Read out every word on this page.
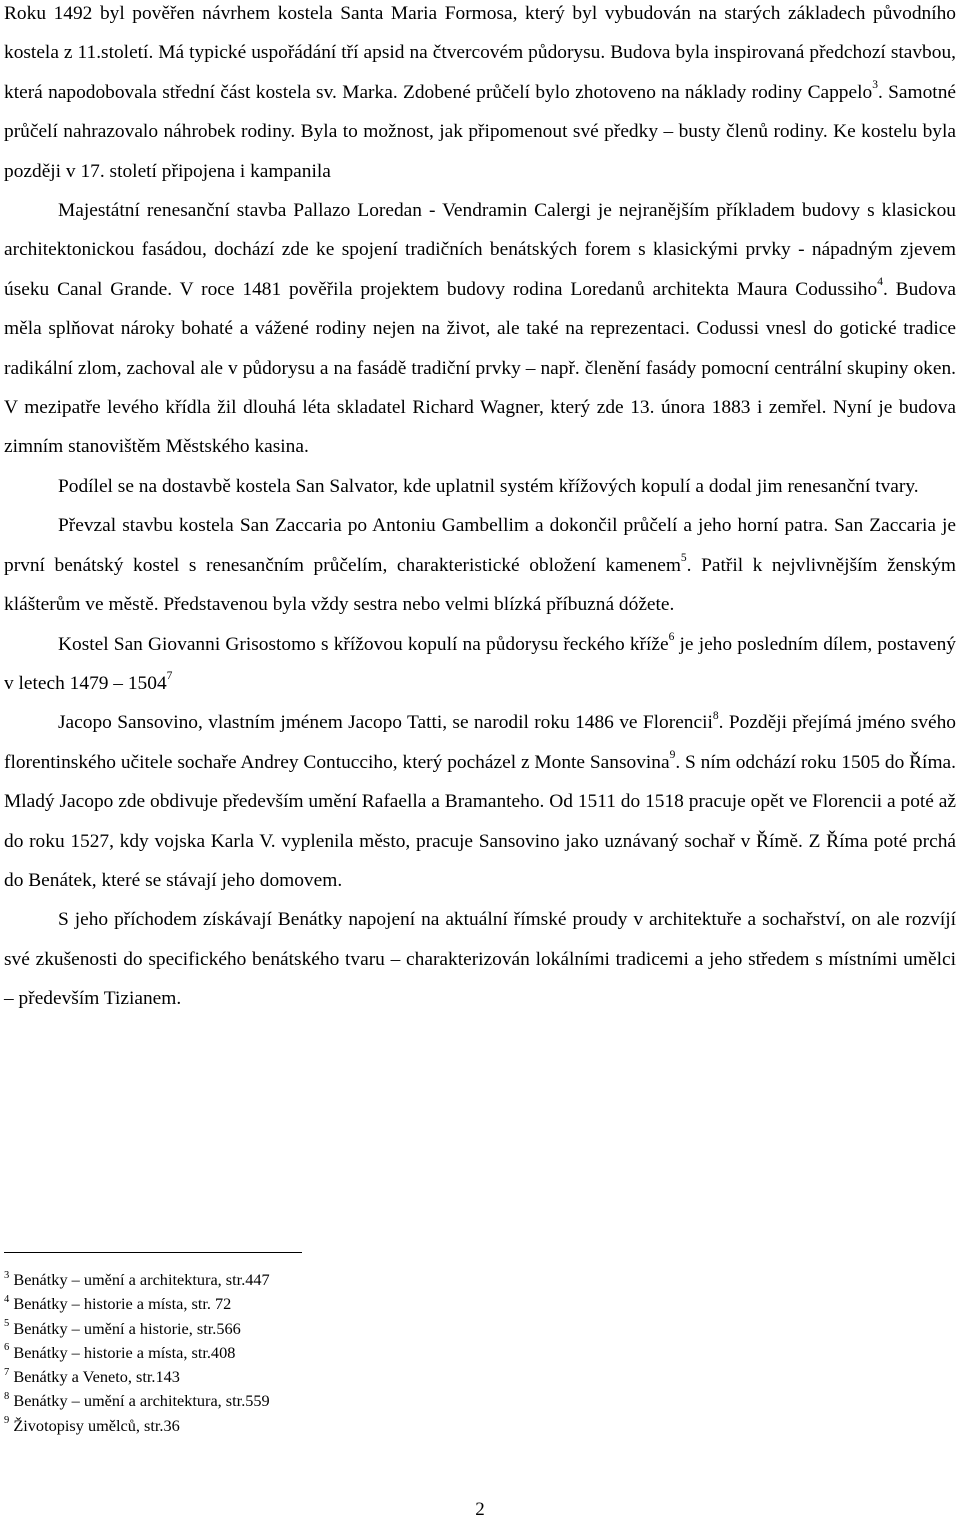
Roku 1492 byl pověřen návrhem kostela Santa Maria Formosa, který byl vybudován na starých základech původního kostela z 11.století. Má typické uspořádání tří apsid na čtvercovém půdorysu. Budova byla inspirovaná předchozí stavbou, která napodobovala střední část kostela sv. Marka. Zdobené průčelí bylo zhotoveno na náklady rodiny Cappelo$^3$. Samotné průčelí nahrazovalo náhrobek rodiny. Byla to možnost, jak připomenout své předky – busty členů rodiny. Ke kostelu byla později v 17. století připojena i kampanila

Majestátní renesanční stavba Pallazo Loredan - Vendramin Calergi je nejranějším příkladem budovy s klasickou architektonickou fasádou, dochází zde ke spojení tradičních benátských forem s klasickými prvky - nápadným zjevem úseku Canal Grande. V roce 1481 pověřila projektem budovy rodina Loredanů architekta Maura Codussiho$^4$. Budova měla splňovat nároky bohaté a vážené rodiny nejen na život, ale také na reprezentaci. Codussi vnesl do gotické tradice radikální zlom, zachoval ale v půdorysu a na fasádě tradiční prvky – např. členění fasády pomocní centrální skupiny oken. V mezipatře levého křídla žil dlouhá léta skladatel Richard Wagner, který zde 13. února 1883 i zemřel. Nyní je budova zimním stanovištěm Městského kasina.

Podílel se na dostavbě kostela San Salvator, kde uplatnil systém křížových kopulí a dodal jim renesanční tvary.

Převzal stavbu kostela San Zaccaria po Antoniu Gambellim a dokončil průčelí a jeho horní patra. San Zaccaria je první benátský kostel s renesančním průčelím, charakteristické obložení kamenem$^5$. Patřil k nejvlivnějším ženským klášterům ve městě. Představenou byla vždy sestra nebo velmi blízká příbuzná dóžete.

Kostel San Giovanni Grisostomo s křížovou kopulí na půdorysu řeckého kříže$^6$ je jeho posledním dílem, postavený v letech 1479 – 1504$^7$

Jacopo Sansovino, vlastním jménem Jacopo Tatti, se narodil roku 1486 ve Florencii$^8$. Později přejímá jméno svého florentinského učitele sochaře Andrey Contucciho, který pocházel z Monte Sansovina$^9$. S ním odchází roku 1505 do Říma. Mladý Jacopo zde obdivuje především umění Rafaella a Bramanteho. Od 1511 do 1518 pracuje opět ve Florencii a poté až do roku 1527, kdy vojska Karla V. vyplenila město, pracuje Sansovino jako uznávaný sochař v Římě. Z Říma poté prchá do Benátek, které se stávají jeho domovem.

S jeho příchodem získávají Benátky napojení na aktuální římské proudy v architektuře a sochařství, on ale rozvíjí své zkušenosti do specifického benátského tvaru – charakterizován lokálními tradicemi a jeho středem s místními umělci – především Tizianem.

$^3$ Benátky – umění a architektura, str.447
$^4$ Benátky – historie a místa, str. 72
$^5$ Benátky – umění a historie, str.566
$^6$ Benátky – historie a místa, str.408
$^7$ Benátky a Veneto, str.143
$^8$ Benátky – umění a architektura, str.559
$^9$ Životopisy umělců, str.36
2
